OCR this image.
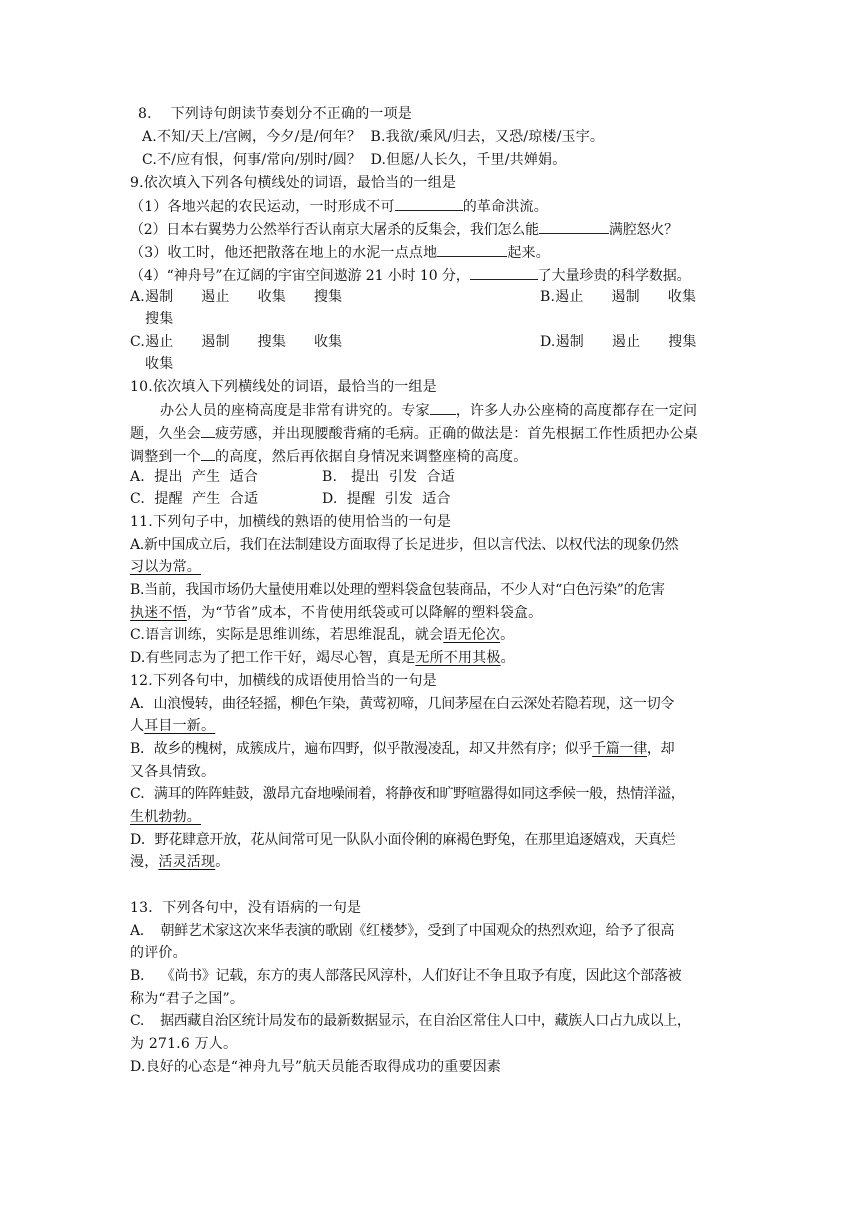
8．  下列诗句朗读节奏划分不正确的一项是
A.不知/天上/宫阙，今夕/是/何年？  B.我欲/乘风/归去，又恐/琼楼/玉宇。
C.不/应有恨，何事/常向/别时/圆？  D.但愿/人长久，千里/共婵娟。
9.依次填入下列各句横线处的词语，最恰当的一组是
（1）各地兴起的农民运动，一时形成不可	的革命洪流。
（2）日本右翼势力公然举行否认南京大屠杀的反集会，我们怎么能	满腔怒火？
（3）收工时，他还把散落在地上的水泥一点点地	起来。
（4）“神舟号”在辽阔的宇宙空间遨游 21 小时 10 分，	了大量珍贵的科学数据。
A.遏制      遏止      收集      搜集	B.遏止      遏制      收集
搜集
C.遏止      遏制      搜集      收集	D.遏制      遏止      搜集
收集
10.依次填入下列横线处的词语，最恰当的一组是
办公人员的座椅高度是非常有讲究的。专家 ，许多人办公座椅的高度都存在一定问
题，久坐会 疲劳感，并出现腰酸背痛的毛病。正确的做法是：首先根据工作性质把办公桌
调整到一个 的高度，然后再依据自身情况来调整座椅的高度。
A.  提出  产生  适合	B.   提出  引发  合适
C.  提醒  产生  合适	D.  提醒  引发  适合
11.下列句子中，加横线的熟语的使用恰当的一句是
A.新中国成立后，我们在法制建设方面取得了长足进步，但以言代法、以权代法的现象仍然
习以为常。
B.当前，我国市场仍大量使用难以处理的塑料袋盒包装商品，不少人对“白色污染”的危害
执迷不悟，为“节省”成本，不肯使用纸袋或可以降解的塑料袋盒。
C.语言训练，实际是思维训练，若思维混乱，就会语无伦次。
D.有些同志为了把工作干好，竭尽心智，真是无所不用其极。
12.下列各句中，加横线的成语使用恰当的一句是
A．山浪慢转，曲径轻摇，柳色乍染，黄莺初啼，几间茅屋在白云深处若隐若现，这一切令
人耳目一新。
B．故乡的槐树，成簇成片，遍布四野，似乎散漫凌乱，却又井然有序；似乎千篇一律，却
又各具情致。
C．满耳的阵阵蛙鼓，激昂亢奋地噪闹着，将静夜和旷野喧嚣得如同这季候一般，热情洋溢，
生机勃勃。
D．野花肆意开放，花从间常可见一队队小面伶俐的麻褐色野兔，在那里追逐嬉戏，天真烂
漫，活灵活现。
13．下列各句中，没有语病的一句是
A.    朝鲜艺术家这次来华表演的歌剧《红楼梦》，受到了中国观众的热烈欢迎，给予了很高
的评价。
B.    《尚书》记载，东方的夷人部落民风淳朴，人们好让不争且取予有度，因此这个部落被
称为“君子之国”。
C.    据西藏自治区统计局发布的最新数据显示，在自治区常住人口中，藏族人口占九成以上，
为 271.6 万人。
D.良好的心态是“神舟九号”航天员能否取得成功的重要因素
